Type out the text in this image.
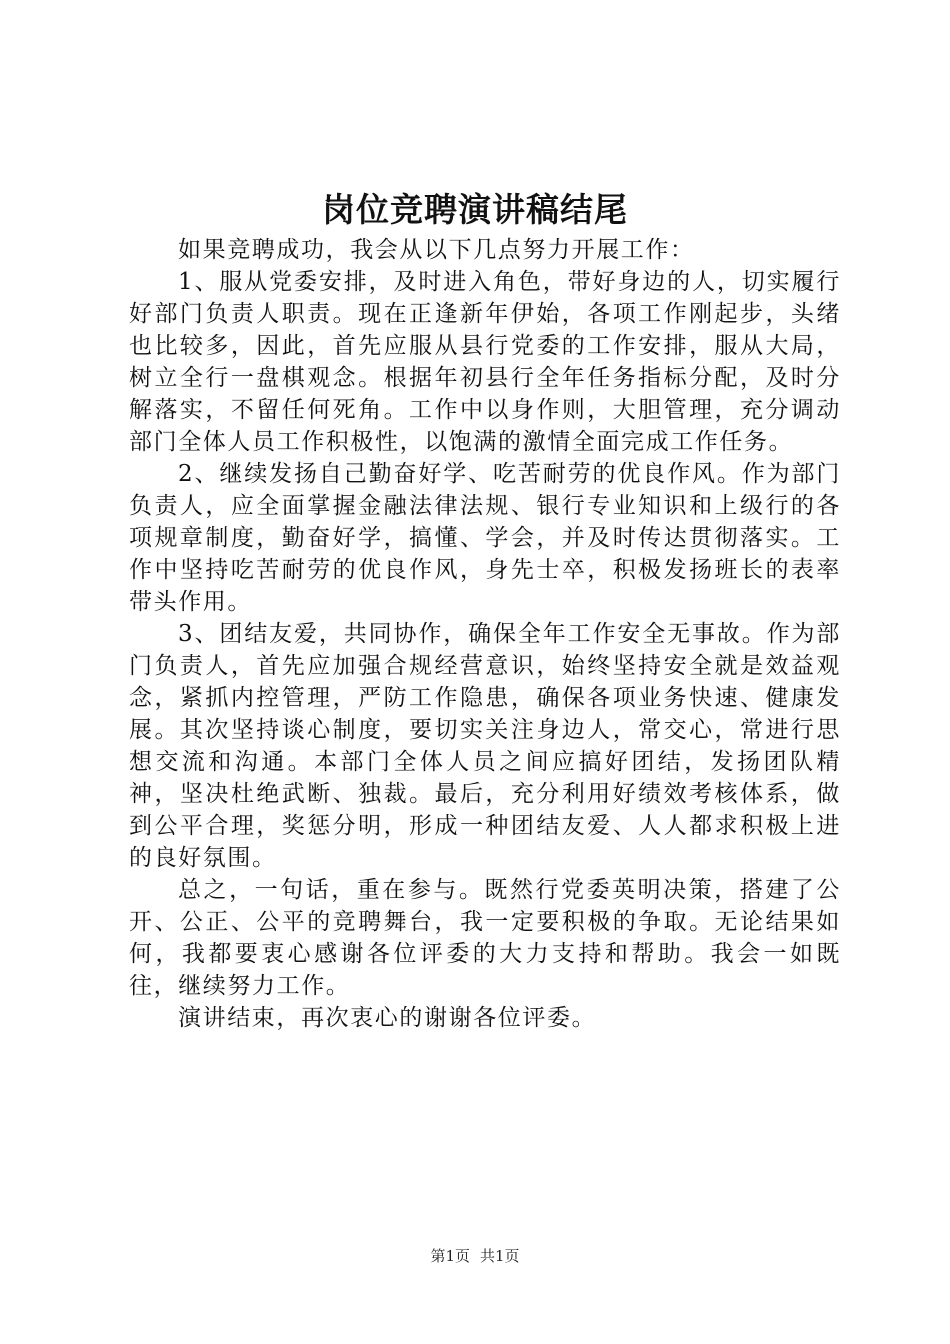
岗位竞聘演讲稿结尾

如果竞聘成功，我会从以下几点努力开展工作：

1、服从党委安排，及时进入角色，带好身边的人，切实履行好部门负责人职责。现在正逢新年伊始，各项工作刚起步，头绪也比较多，因此，首先应服从县行党委的工作安排，服从大局，树立全行一盘棋观念。根据年初县行全年任务指标分配，及时分解落实，不留任何死角。工作中以身作则，大胆管理，充分调动部门全体人员工作积极性，以饱满的激情全面完成工作任务。

2、继续发扬自己勤奋好学、吃苦耐劳的优良作风。作为部门负责人，应全面掌握金融法律法规、银行专业知识和上级行的各项规章制度，勤奋好学，搞懂、学会，并及时传达贯彻落实。工作中坚持吃苦耐劳的优良作风，身先士卒，积极发扬班长的表率带头作用。

3、团结友爱，共同协作，确保全年工作安全无事故。作为部门负责人，首先应加强合规经营意识，始终坚持安全就是效益观念，紧抓内控管理，严防工作隐患，确保各项业务快速、健康发展。其次坚持谈心制度，要切实关注身边人，常交心，常进行思想交流和沟通。本部门全体人员之间应搞好团结，发扬团队精神，坚决杜绝武断、独裁。最后，充分利用好绩效考核体系，做到公平合理，奖惩分明，形成一种团结友爱、人人都求积极上进的良好氛围。

总之，一句话，重在参与。既然行党委英明决策，搭建了公开、公正、公平的竞聘舞台，我一定要积极的争取。无论结果如何，我都要衷心感谢各位评委的大力支持和帮助。我会一如既往，继续努力工作。

演讲结束，再次衷心的谢谢各位评委。

第1页 共1页
